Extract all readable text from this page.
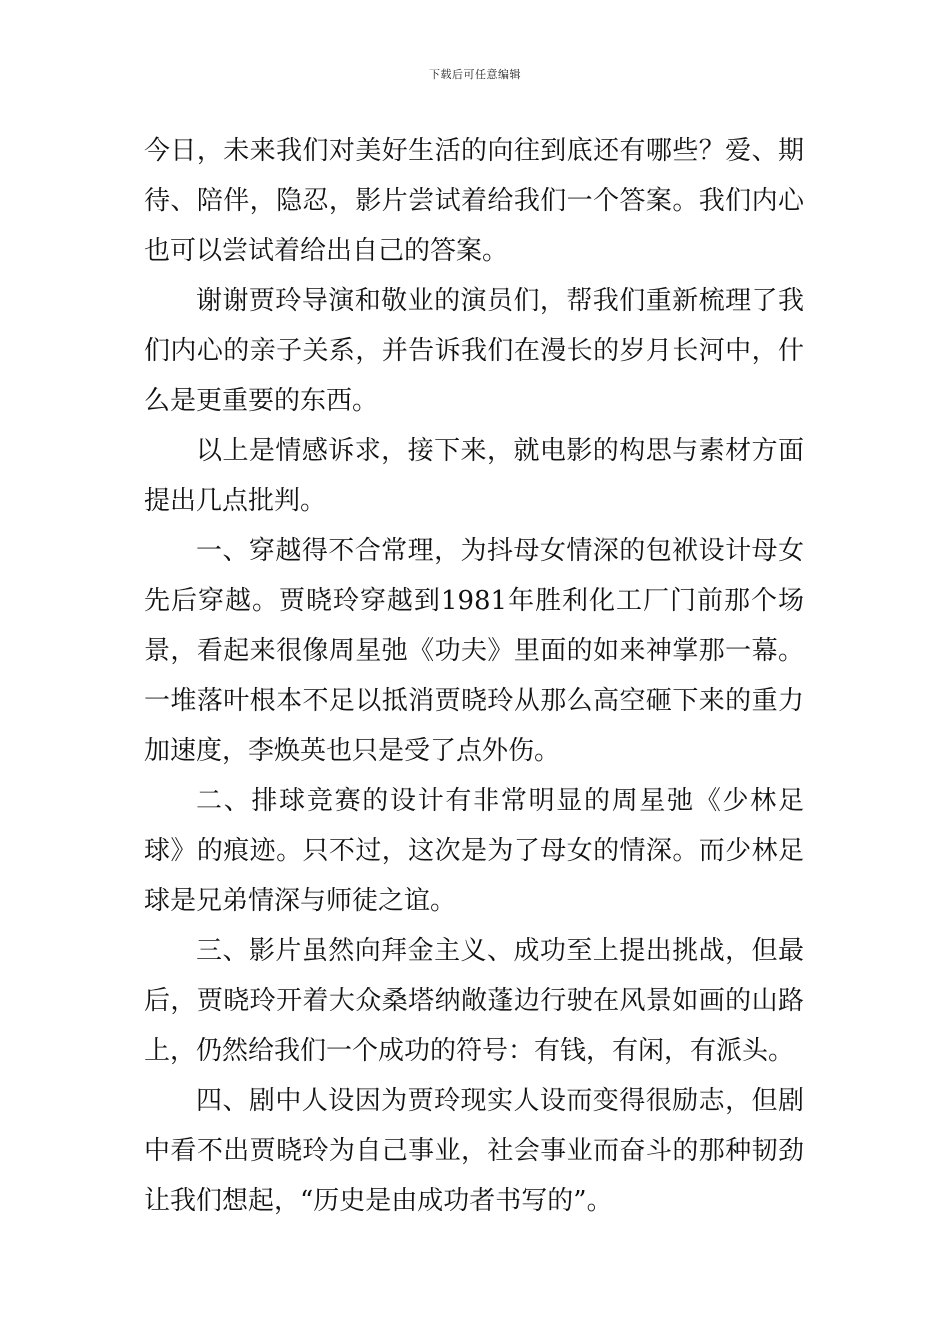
下载后可任意编辑

今日，未来我们对美好生活的向往到底还有哪些？爱、期待、陪伴，隐忍，影片尝试着给我们一个答案。我们内心也可以尝试着给出自己的答案。

谢谢贾玲导演和敬业的演员们，帮我们重新梳理了我们内心的亲子关系，并告诉我们在漫长的岁月长河中，什么是更重要的东西。

以上是情感诉求，接下来，就电影的构思与素材方面提出几点批判。

一、穿越得不合常理，为抖母女情深的包袱设计母女先后穿越。贾晓玲穿越到1981年胜利化工厂门前那个场景，看起来很像周星弛《功夫》里面的如来神掌那一幕。一堆落叶根本不足以抵消贾晓玲从那么高空砸下来的重力加速度，李焕英也只是受了点外伤。

二、排球竞赛的设计有非常明显的周星弛《少林足球》的痕迹。只不过，这次是为了母女的情深。而少林足球是兄弟情深与师徒之谊。

三、影片虽然向拜金主义、成功至上提出挑战，但最后，贾晓玲开着大众桑塔纳敞蓬边行驶在风景如画的山路上，仍然给我们一个成功的符号：有钱，有闲，有派头。

四、剧中人设因为贾玲现实人设而变得很励志，但剧中看不出贾晓玲为自己事业，社会事业而奋斗的那种韧劲让我们想起，“历史是由成功者书写的”。
